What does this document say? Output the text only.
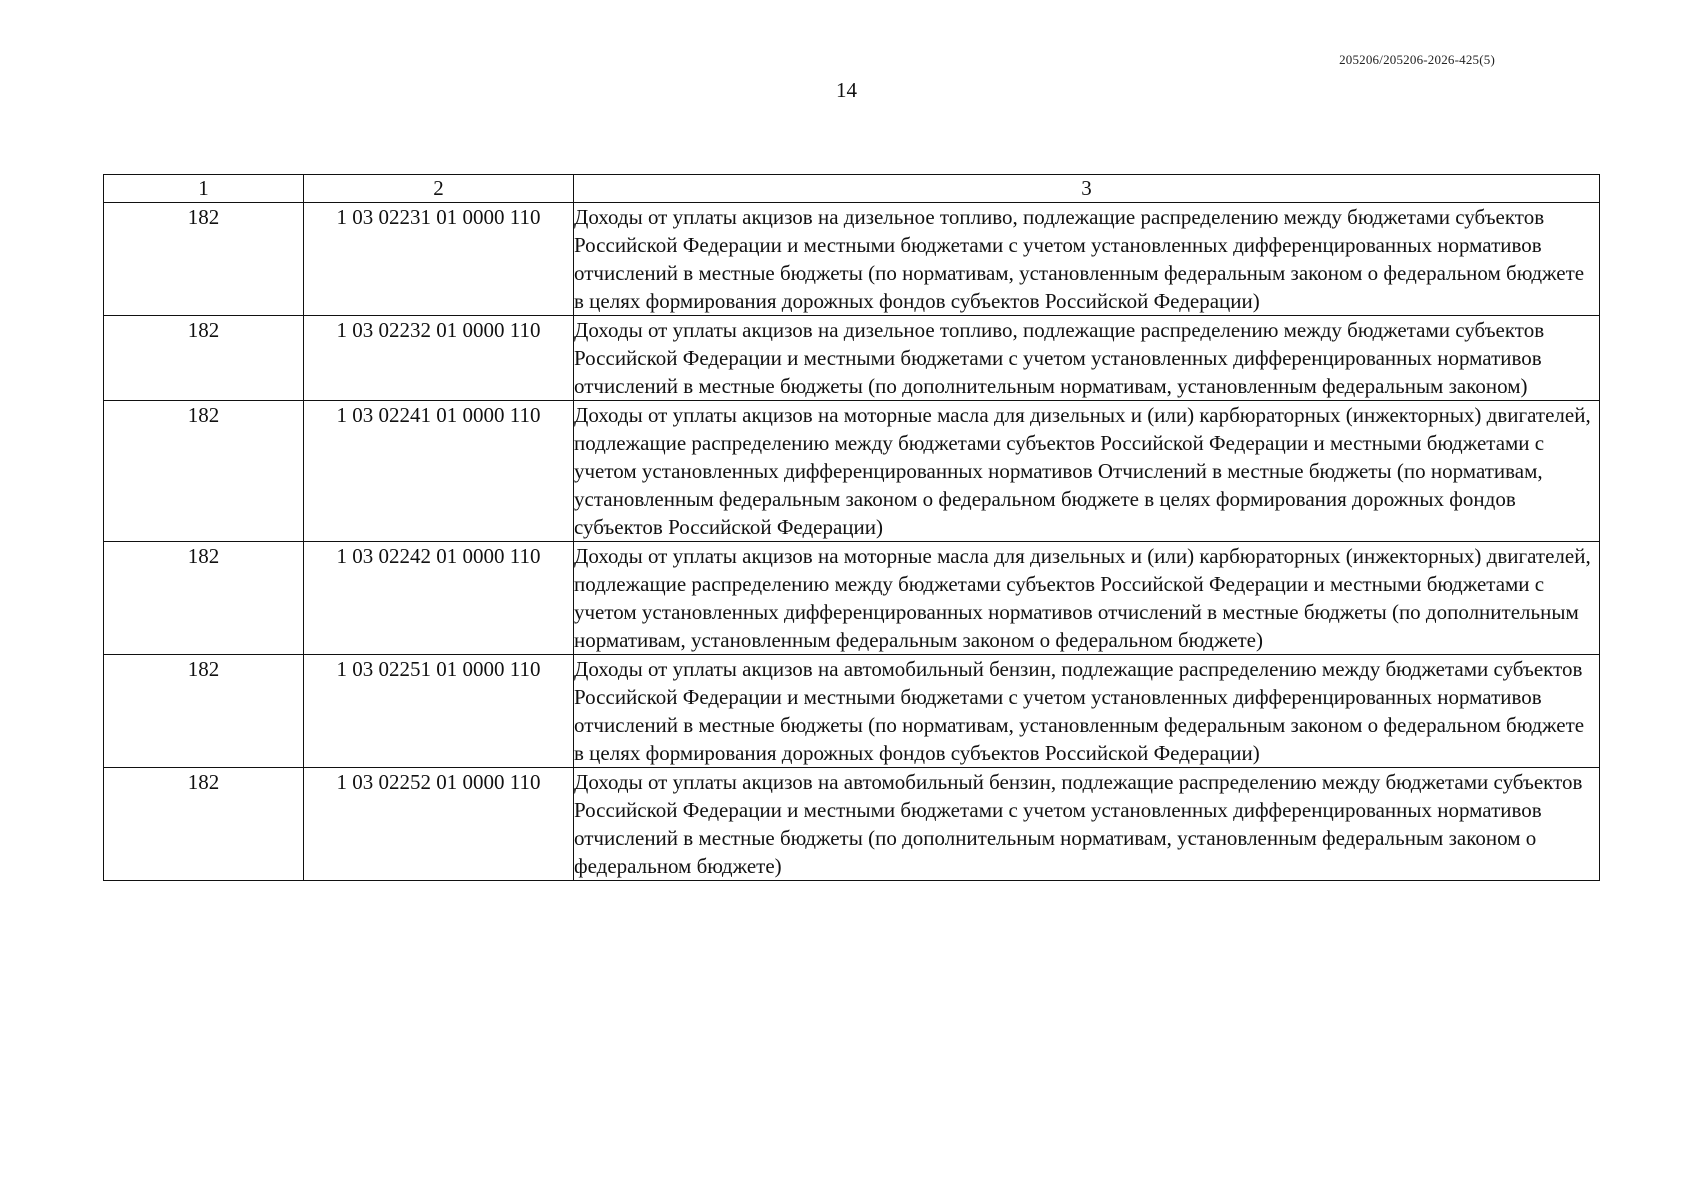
205206/205206-2026-425(5)
14
1	2	3
182	1 03 02231 01 0000 110	Доходы от уплаты акцизов на дизельное топливо, подлежащие распределению между бюджетами субъектов Российской Федерации и местными бюджетами с учетом установленных дифференцированных нормативов отчислений в местные бюджеты (по нормативам, установленным федеральным законом о федеральном бюджете в целях формирования дорожных фондов субъектов Российской Федерации)
182	1 03 02232 01 0000 110	Доходы от уплаты акцизов на дизельное топливо, подлежащие распределению между бюджетами субъектов Российской Федерации и местными бюджетами с учетом установленных дифференцированных нормативов отчислений в местные бюджеты (по дополнительным нормативам, установленным федеральным законом)
182	1 03 02241 01 0000 110	Доходы от уплаты акцизов на моторные масла для дизельных и (или) карбюраторных (инжекторных) двигателей, подлежащие распределению между бюджетами субъектов Российской Федерации и местными бюджетами с учетом установленных дифференцированных нормативов Отчислений в местные бюджеты (по нормативам, установленным федеральным законом о федеральном бюджете в целях формирования дорожных фондов субъектов Российской Федерации)
182	1 03 02242 01 0000 110	Доходы от уплаты акцизов на моторные масла для дизельных и (или) карбюраторных (инжекторных) двигателей, подлежащие распределению между бюджетами субъектов Российской Федерации и местными бюджетами с учетом установленных дифференцированных нормативов отчислений в местные бюджеты (по дополнительным нормативам, установленным федеральным законом о федеральном бюджете)
182	1 03 02251 01 0000 110	Доходы от уплаты акцизов на автомобильный бензин, подлежащие распределению между бюджетами субъектов Российской Федерации и местными бюджетами с учетом установленных дифференцированных нормативов отчислений в местные бюджеты (по нормативам, установленным федеральным законом о федеральном бюджете в целях формирования дорожных фондов субъектов Российской Федерации)
182	1 03 02252 01 0000 110	Доходы от уплаты акцизов на автомобильный бензин, подлежащие распределению между бюджетами субъектов Российской Федерации и местными бюджетами с учетом установленных дифференцированных нормативов отчислений в местные бюджеты (по дополнительным нормативам, установленным федеральным законом о федеральном бюджете)
